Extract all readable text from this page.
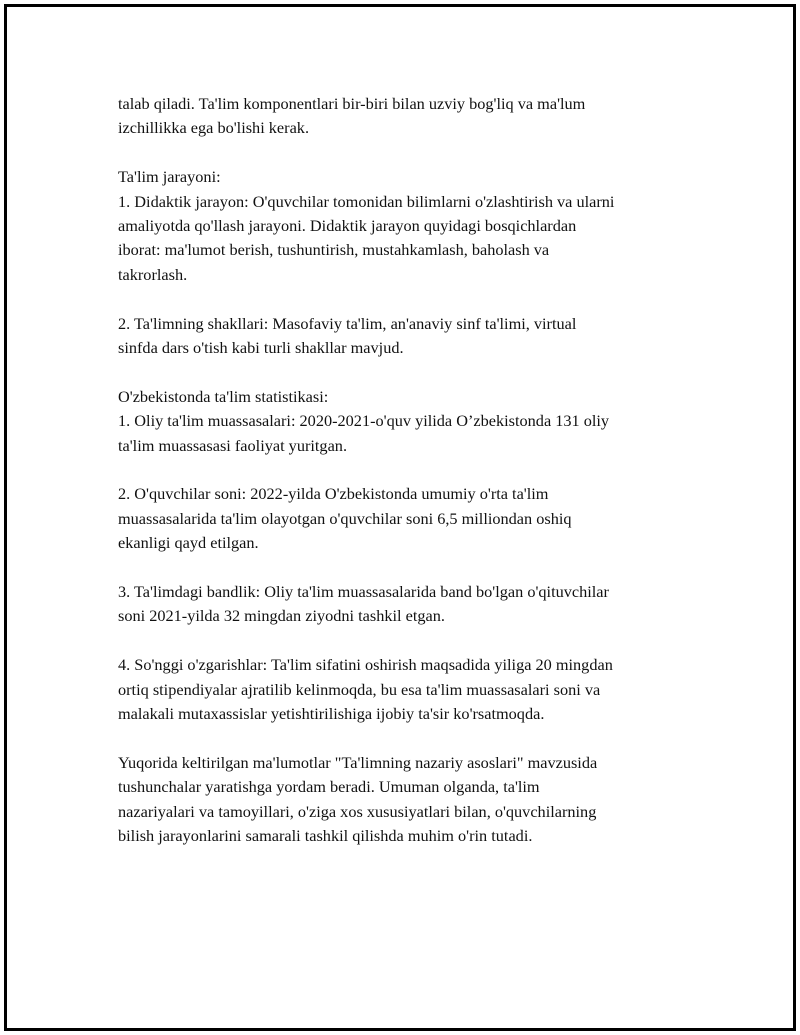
talab qiladi. Ta'lim komponentlari bir-biri bilan uzviy bog'liq va ma'lum
izchillikka ega bo'lishi kerak.
Ta'lim jarayoni:
1. Didaktik jarayon: O'quvchilar tomonidan bilimlarni o'zlashtirish va ularni
amaliyotda qo'llash jarayoni. Didaktik jarayon quyidagi bosqichlardan
iborat: ma'lumot berish, tushuntirish, mustahkamlash, baholash va
takrorlash.
2. Ta'limning shakllari: Masofaviy ta'lim, an'anaviy sinf ta'limi, virtual
sinfda dars o'tish kabi turli shakllar mavjud.
O'zbekistonda ta'lim statistikasi:
1. Oliy ta'lim muassasalari: 2020-2021-o'quv yilida O’zbekistonda 131 oliy
ta'lim muassasasi faoliyat yuritgan.
2. O'quvchilar soni: 2022-yilda O'zbekistonda umumiy o'rta ta'lim
muassasalarida ta'lim olayotgan o'quvchilar soni 6,5 milliondan oshiq
ekanligi qayd etilgan.
3. Ta'limdagi bandlik: Oliy ta'lim muassasalarida band bo'lgan o'qituvchilar
soni 2021-yilda 32 mingdan ziyodni tashkil etgan.
4. So'nggi o'zgarishlar: Ta'lim sifatini oshirish maqsadida yiliga 20 mingdan
ortiq stipendiyalar ajratilib kelinmoqda, bu esa ta'lim muassasalari soni va
malakali mutaxassislar yetishtirilishiga ijobiy ta'sir ko'rsatmoqda.
Yuqorida keltirilgan ma'lumotlar "Ta'limning nazariy asoslari" mavzusida
tushunchalar yaratishga yordam beradi. Umuman olganda, ta'lim
nazariyalari va tamoyillari, o'ziga xos xususiyatlari bilan, o'quvchilarning
bilish jarayonlarini samarali tashkil qilishda muhim o'rin tutadi.
